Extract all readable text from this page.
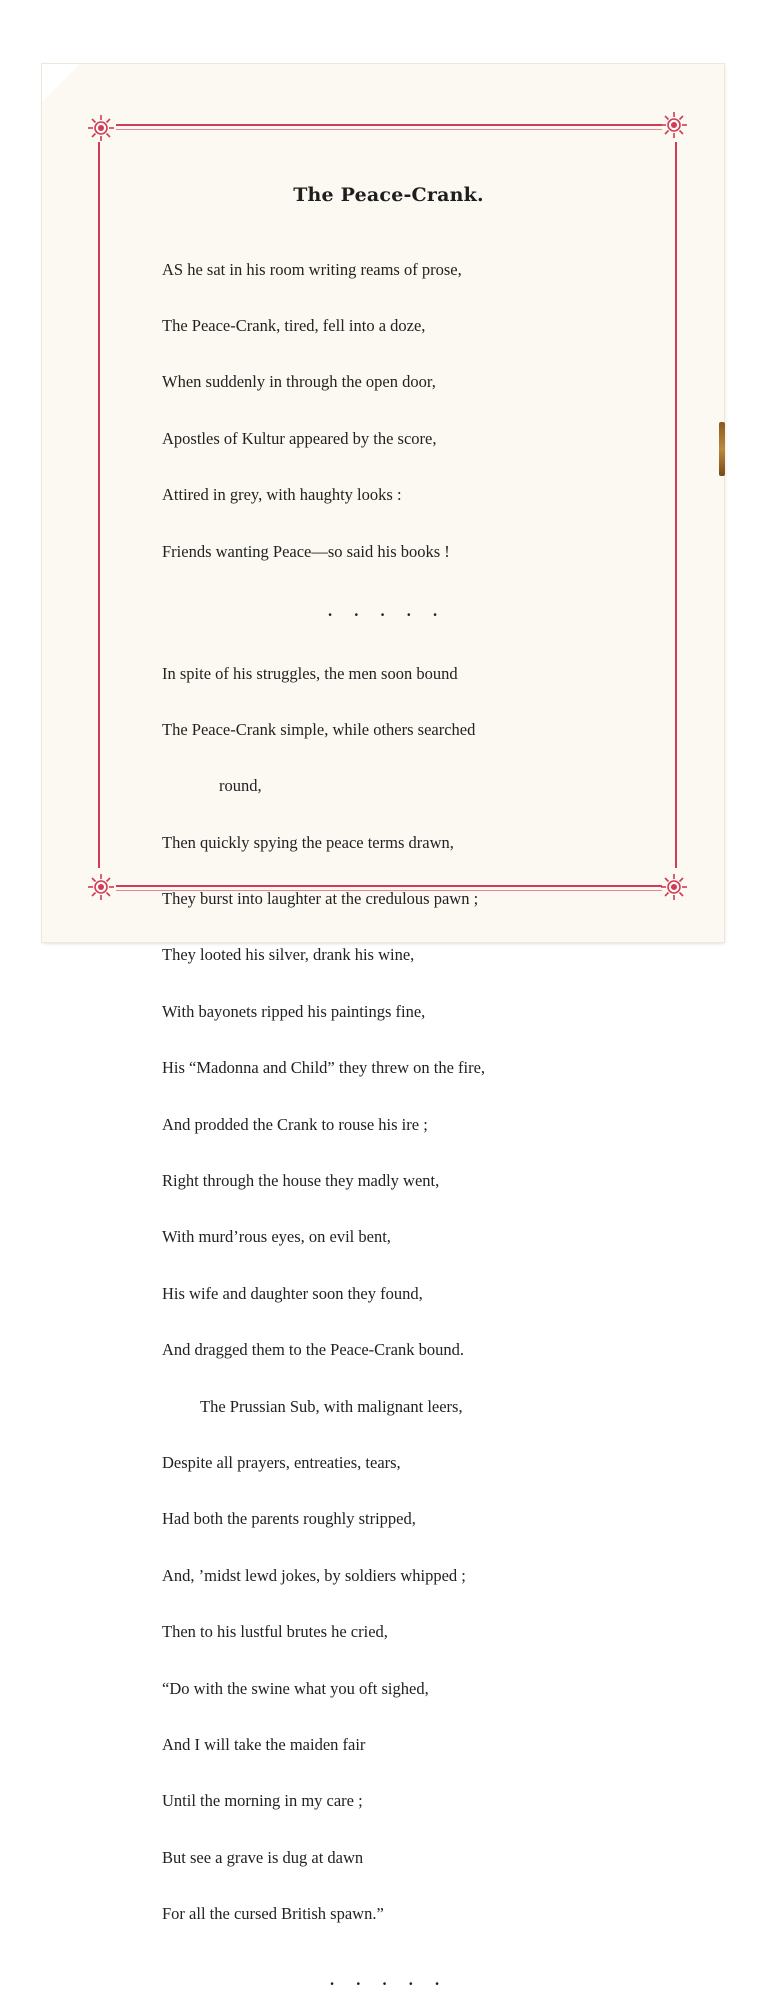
The Peace-Crank.

AS he sat in his room writing reams of prose,

The Peace-Crank, tired, fell into a doze,

When suddenly in through the open door,

Apostles of Kultur appeared by the score,

Attired in grey, with haughty looks :

Friends wanting Peace—so said his books !

. . . . .

In spite of his struggles, the men soon bound

The Peace-Crank simple, while others searched

round,

Then quickly spying the peace terms drawn,

They burst into laughter at the credulous pawn ;

They looted his silver, drank his wine,

With bayonets ripped his paintings fine,

His “Madonna and Child” they threw on the fire,

And prodded the Crank to rouse his ire ;

Right through the house they madly went,

With murd’rous eyes, on evil bent,

His wife and daughter soon they found,

And dragged them to the Peace-Crank bound.

The Prussian Sub, with malignant leers,

Despite all prayers, entreaties, tears,

Had both the parents roughly stripped,

And, ’midst lewd jokes, by soldiers whipped ;

Then to his lustful brutes he cried,

“Do with the swine what you oft sighed,

And I will take the maiden fair

Until the morning in my care ;

But see a grave is dug at dawn

For all the cursed British spawn.”

. . . . .
